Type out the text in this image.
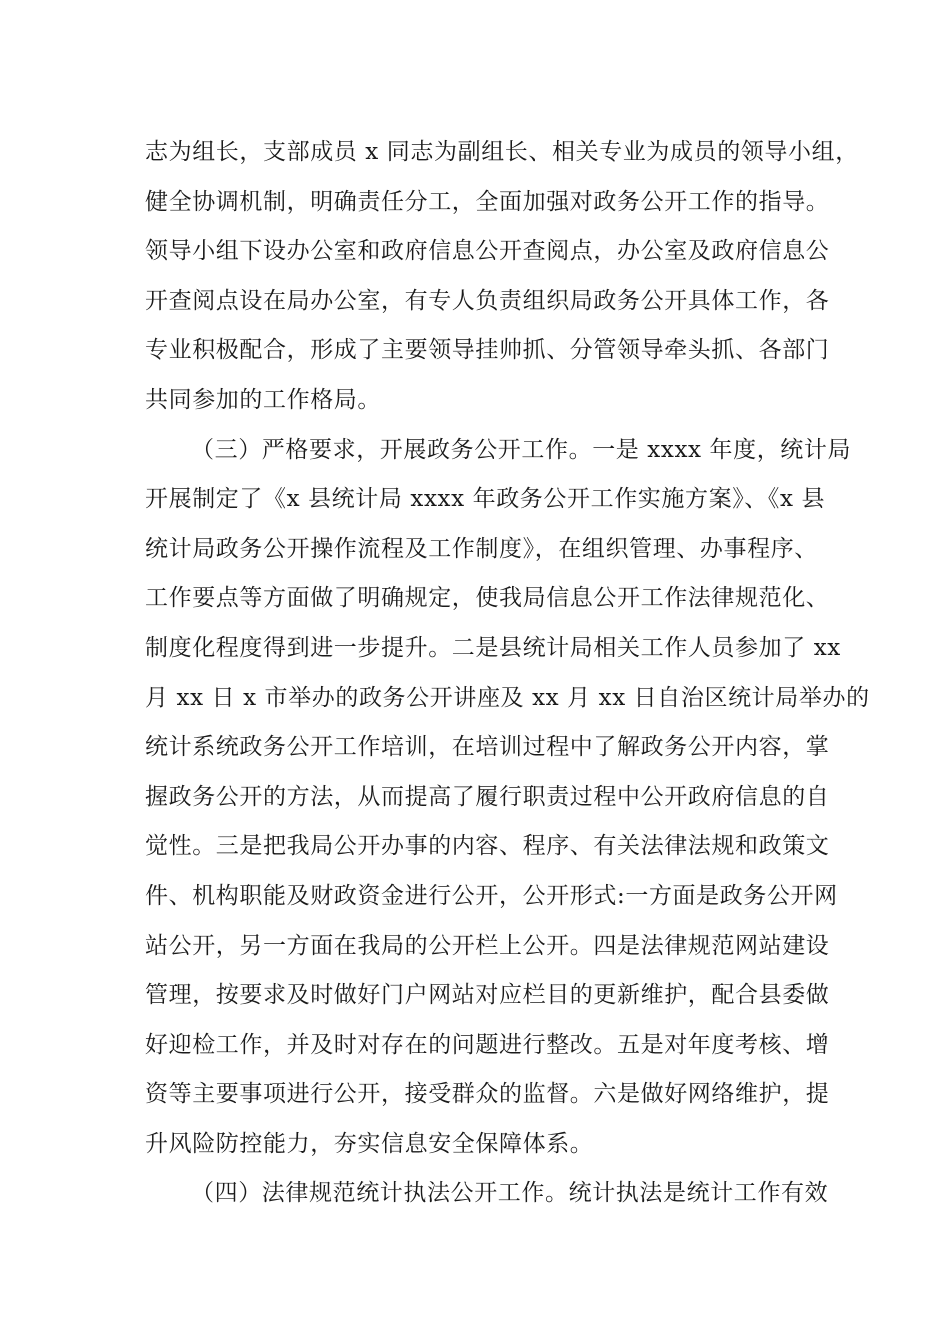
志为组长，支部成员 x 同志为副组长、相关专业为成员的领导小组，
健全协调机制，明确责任分工，全面加强对政务公开工作的指导。
领导小组下设办公室和政府信息公开查阅点，办公室及政府信息公
开查阅点设在局办公室，有专人负责组织局政务公开具体工作，各
专业积极配合，形成了主要领导挂帅抓、分管领导牵头抓、各部门
共同参加的工作格局。
（三）严格要求，开展政务公开工作。一是 xxxx 年度，统计局
开展制定了《x 县统计局 xxxx 年政务公开工作实施方案》、《x 县
统计局政务公开操作流程及工作制度》，在组织管理、办事程序、
工作要点等方面做了明确规定，使我局信息公开工作法律规范化、
制度化程度得到进一步提升。二是县统计局相关工作人员参加了 xx
月 xx 日 x 市举办的政务公开讲座及 xx 月 xx 日自治区统计局举办的
统计系统政务公开工作培训，在培训过程中了解政务公开内容，掌
握政务公开的方法，从而提高了履行职责过程中公开政府信息的自
觉性。三是把我局公开办事的内容、程序、有关法律法规和政策文
件、机构职能及财政资金进行公开，公开形式:一方面是政务公开网
站公开，另一方面在我局的公开栏上公开。四是法律规范网站建设
管理，按要求及时做好门户网站对应栏目的更新维护，配合县委做
好迎检工作，并及时对存在的问题进行整改。五是对年度考核、增
资等主要事项进行公开，接受群众的监督。六是做好网络维护，提
升风险防控能力，夯实信息安全保障体系。
（四）法律规范统计执法公开工作。统计执法是统计工作有效
